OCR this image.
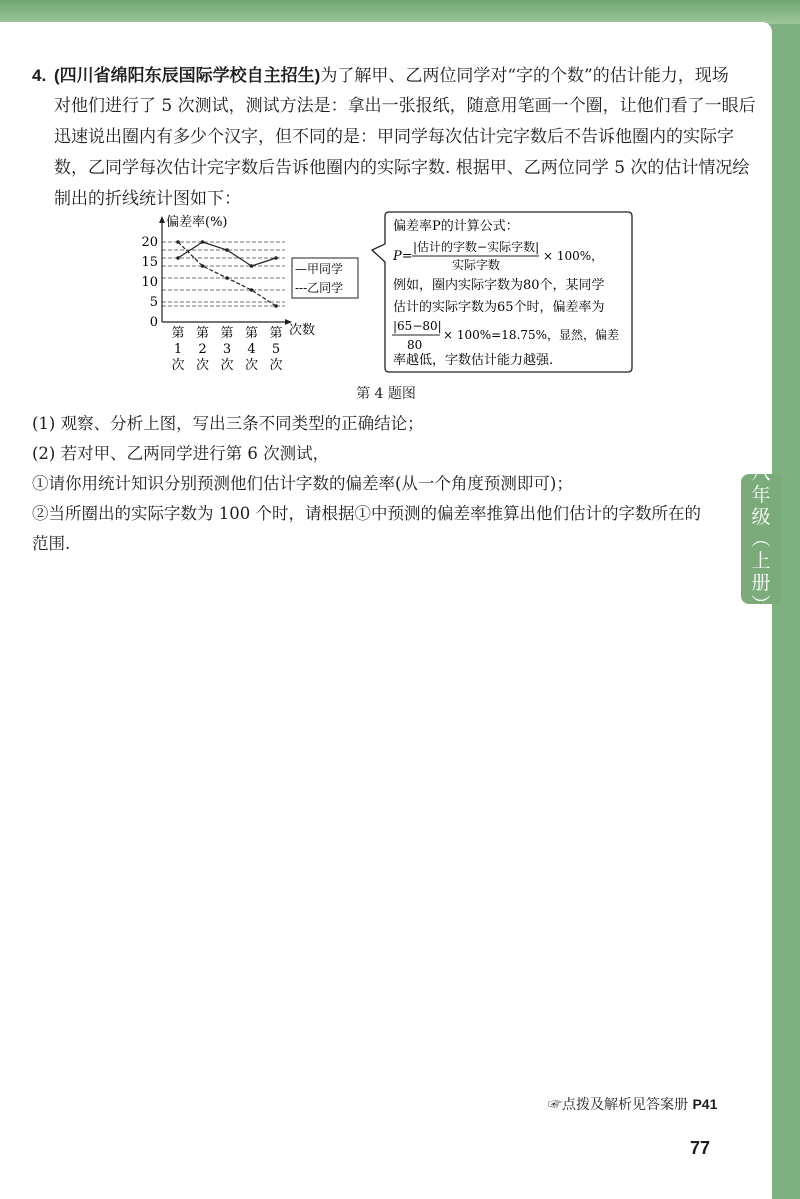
八
年
级
︵
上
册
︶
4. (四川省绵阳东辰国际学校自主招生)为了解甲、乙两位同学对“字的个数”的估计能力，现场
对他们进行了 5 次测试，测试方法是：拿出一张报纸，随意用笔画一个圈，让他们看了一眼后
迅速说出圈内有多少个汉字，但不同的是：甲同学每次估计完字数后不告诉他圈内的实际字
数，乙同学每次估计完字数后告诉他圈内的实际字数. 根据甲、乙两位同学 5 次的估计情况绘
制出的折线统计图如下：
偏差率(%)
次数
20
15
10
5
0
第
1
次
第
2
次
第
3
次
第
4
次
第
5
次
—甲同学
---乙同学
偏差率P的计算公式：
P=
|估计的字数−实际字数|
实际字数
× 100%，
例如，圈内实际字数为80个，某同学
估计的实际字数为65个时，偏差率为
|65−80|
80
× 100%=18.75%，显然，偏差
率越低，字数估计能力越强.
第 4 题图
(1) 观察、分析上图，写出三条不同类型的正确结论；
(2) 若对甲、乙两同学进行第 6 次测试，
①请你用统计知识分别预测他们估计字数的偏差率(从一个角度预测即可)；
②当所圈出的实际字数为 100 个时，请根据①中预测的偏差率推算出他们估计的字数所在的
范围.
☞点拨及解析见答案册 P41
77
